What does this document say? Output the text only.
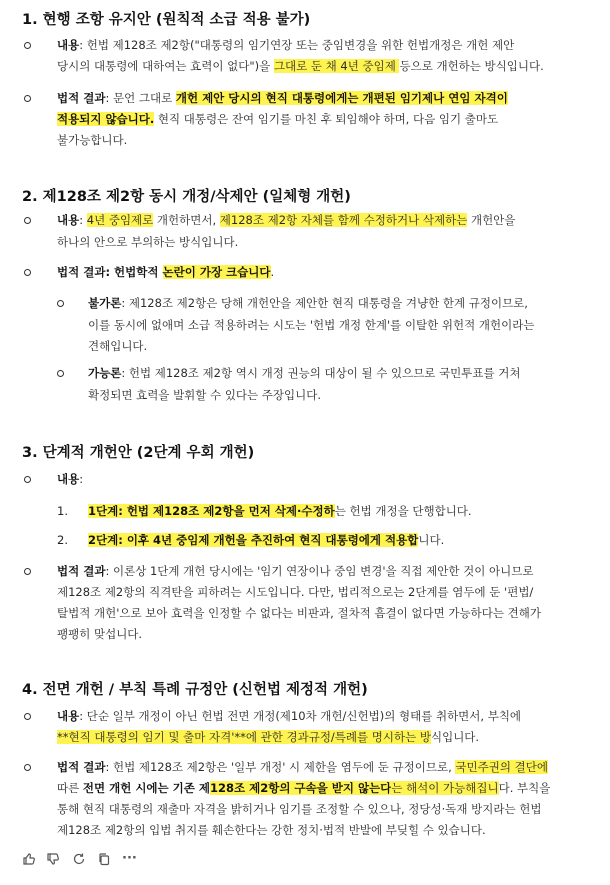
1. 현행 조항 유지안 (원칙적 소급 적용 불가)
내용: 헌법 제128조 제2항("대통령의 임기연장 또는 중임변경을 위한 헌법개정은 개헌 제안
당시의 대통령에 대하여는 효력이 없다")을 그대로 둔 채 4년 중임제 등으로 개헌하는 방식입니다.
법적 결과: 문언 그대로 개헌 제안 당시의 현직 대통령에게는 개편된 임기제나 연임 자격이
적용되지 않습니다. 현직 대통령은 잔여 임기를 마친 후 퇴임해야 하며, 다음 임기 출마도
불가능합니다.
2. 제128조 제2항 동시 개정/삭제안 (일체형 개헌)
내용: 4년 중임제로 개헌하면서, 제128조 제2항 자체를 함께 수정하거나 삭제하는 개헌안을
하나의 안으로 부의하는 방식입니다.
법적 결과: 헌법학적 논란이 가장 크습니다.
불가론: 제128조 제2항은 당해 개헌안을 제안한 현직 대통령을 겨냥한 한계 규정이므로,
이를 동시에 없애며 소급 적용하려는 시도는 '헌법 개정 한계'를 이탈한 위헌적 개헌이라는
견해입니다.
가능론: 헌법 제128조 제2항 역시 개정 권능의 대상이 될 수 있으므로 국민투표를 거쳐
확정되면 효력을 발휘할 수 있다는 주장입니다.
3. 단계적 개헌안 (2단계 우회 개헌)
내용:
1. 1단계: 헌법 제128조 제2항을 먼저 삭제·수정하는 헌법 개정을 단행합니다.
2. 2단계: 이후 4년 중임제 개헌을 추진하여 현직 대통령에게 적용합니다.
법적 결과: 이론상 1단계 개헌 당시에는 '임기 연장이나 중임 변경'을 직접 제안한 것이 아니므로
제128조 제2항의 직격탄을 피하려는 시도입니다. 다만, 법리적으로는 2단계를 염두에 둔 '편법/
탈법적 개헌'으로 보아 효력을 인정할 수 없다는 비판과, 절차적 흠결이 없다면 가능하다는 견해가
팽팽히 맞섭니다.
4. 전면 개헌 / 부칙 특례 규정안 (신헌법 제정적 개헌)
내용: 단순 일부 개정이 아닌 헌법 전면 개정(제10차 개헌/신헌법)의 형태를 취하면서, 부칙에
**현직 대통령의 임기 및 출마 자격'**에 관한 경과규정/특례를 명시하는 방식입니다.
법적 결과: 헌법 제128조 제2항은 '일부 개정' 시 제한을 염두에 둔 규정이므로, 국민주권의 결단에
따른 전면 개헌 시에는 기존 제128조 제2항의 구속을 받지 않는다는 해석이 가능해집니다. 부칙을
통해 현직 대통령의 재출마 자격을 밝히거나 임기를 조정할 수 있으나, 정당성·독재 방지라는 헌법
제128조 제2항의 입법 취지를 훼손한다는 강한 정치·법적 반발에 부딪힐 수 있습니다.
···
